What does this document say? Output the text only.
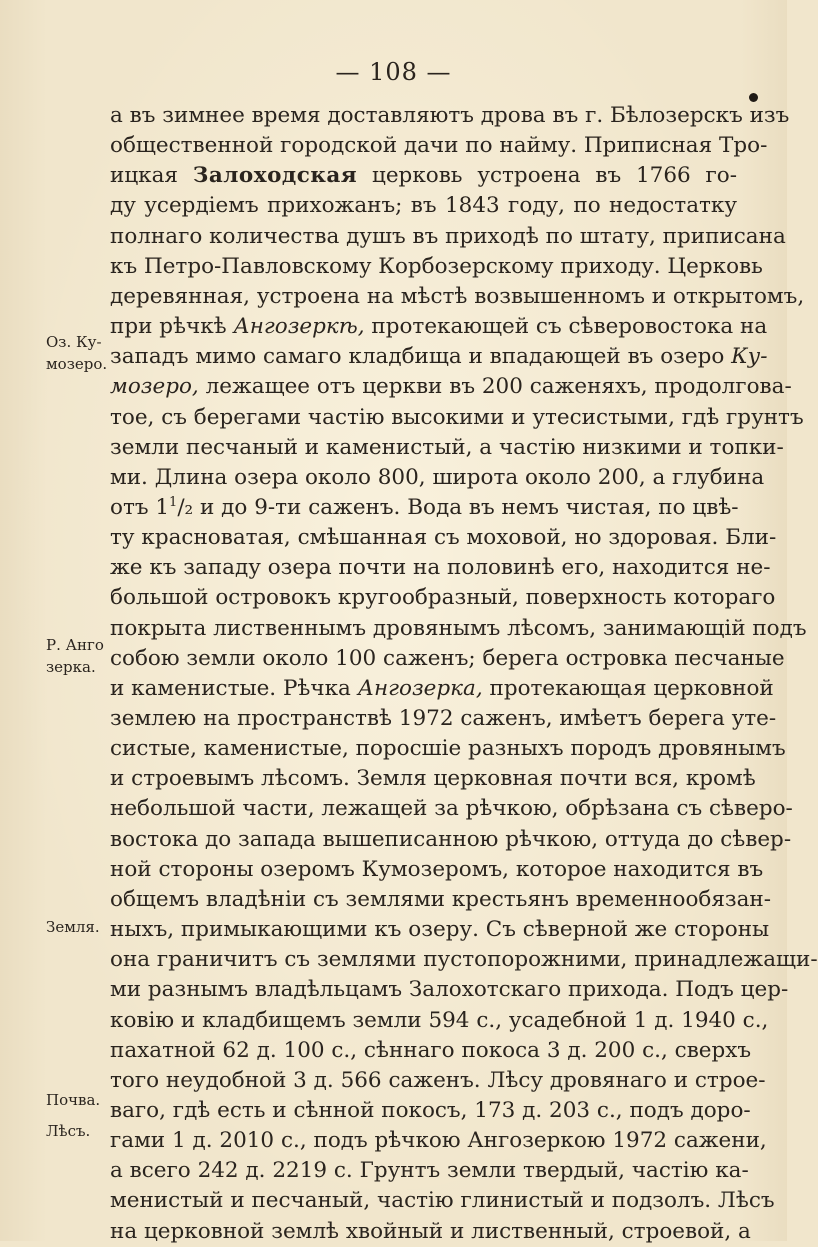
— 108 —
а въ зимнее время доставляютъ дрова въ г. Бѣлозерскъ изъ
общественной городской дачи по найму. Приписная Тро-
ицкая Залоходская церковь устроена въ 1766 го-
ду усердіемъ прихожанъ; въ 1843 году, по недостатку
полнаго количества душъ въ приходѣ по штату, приписана
къ Петро-Павловскому Корбозерскому приходу. Церковь
деревянная, устроена на мѣстѣ возвышенномъ и открытомъ,
при рѣчкѣ Ангозеркѣ, протекающей съ сѣверовостока на
западъ мимо самаго кладбища и впадающей въ озеро Ку-
мозеро, лежащее отъ церкви въ 200 саженяхъ, продолгова-
тое, съ берегами частію высокими и утесистыми, гдѣ грунтъ
земли песчаный и каменистый, а частію низкими и топки-
ми. Длина озера около 800, широта около 200, а глубина
отъ $1^1/_2$ и до 9-ти саженъ. Вода въ немъ чистая, по цвѣ-
ту красноватая, смѣшанная съ моховой, но здоровая. Бли-
же къ западу озера почти на половинѣ его, находится не-
большой островокъ кругообразный, поверхность котораго
покрыта лиственнымъ дровянымъ лѣсомъ, занимающій подъ
собою земли около 100 саженъ; берега островка песчаные
и каменистые. Рѣчка Ангозерка, протекающая церковной
землею на пространствѣ 1972 саженъ, имѣетъ берега уте-
систые, каменистые, поросшіе разныхъ породъ дровянымъ
и строевымъ лѣсомъ. Земля церковная почти вся, кромѣ
небольшой части, лежащей за рѣчкою, обрѣзана съ сѣверо-
востока до запада вышеписанною рѣчкою, оттуда до сѣвер-
ной стороны озеромъ Кумозеромъ, которое находится въ
общемъ владѣніи съ землями крестьянъ временнообязан-
ныхъ, примыкающими къ озеру. Съ сѣверной же стороны
она граничитъ съ землями пустопорожними, принадлежащи-
ми разнымъ владѣльцамъ Залохотскаго прихода. Подъ цер-
ковію и кладбищемъ земли 594 с., усадебной 1 д. 1940 с.,
пахатной 62 д. 100 с., сѣннаго покоса 3 д. 200 с., сверхъ
того неудобной 3 д. 566 саженъ. Лѣсу дровянаго и строе-
ваго, гдѣ есть и сѣнной покосъ, 173 д. 203 с., подъ доро-
гами 1 д. 2010 с., подъ рѣчкою Ангозеркою 1972 сажени,
а всего 242 д. 2219 с. Грунтъ земли твердый, частію ка-
менистый и песчаный, частію глинистый и подзолъ. Лѣсъ
на церковной землѣ хвойный и лиственный, строевой, а
Оз. Ку-
мозеро.
Р. Анго
зерка.
Земля.
Почва.
Лѣсъ.
